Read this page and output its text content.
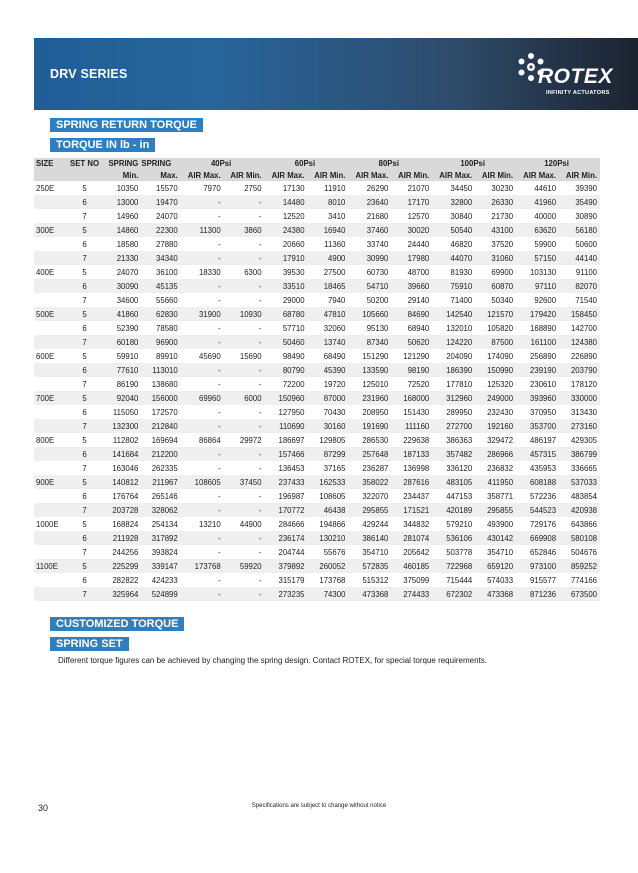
DRV SERIES	ROTEX
INFINITY ACTUATORS
SPRING RETURN TORQUE
TORQUE IN lb - in
SIZE	SET NO	SPRING	SPRING	40Psi		60Psi		80Psi		100Psi		120Psi	
		Min.	Max.	AIR Max.	AIR Min.	AIR Max.	AIR Min.	AIR Max.	AIR Min.	AIR Max.	AIR Min.	AIR Max.	AIR Min.
250E	5	10350	15570	7970	2750	17130	11910	26290	21070	34450	30230	44610	39390
	6	13000	19470	-	-	14480	8010	23640	17170	32800	26330	41960	35490
	7	14960	24070	-	-	12520	3410	21680	12570	30840	21730	40000	30890
300E	5	14860	22300	11300	3860	24380	16940	37460	30020	50540	43100	63620	56180
	6	18580	27880	-	-	20660	11360	33740	24440	46820	37520	59900	50600
	7	21330	34340	-	-	17910	4900	30990	17980	44070	31060	57150	44140
400E	5	24070	36100	18330	6300	39530	27500	60730	48700	81930	69900	103130	91100
	6	30090	45135	-	-	33510	18465	54710	39660	75910	60870	97110	82070
	7	34600	55660	-	-	29000	7940	50200	29140	71400	50340	92600	71540
500E	5	41860	62830	31900	10930	68780	47810	105660	84690	142540	121570	179420	158450
	6	52390	78580	-	-	57710	32060	95130	68940	132010	105820	168890	142700
	7	60180	96900	-	-	50460	13740	87340	50620	124220	87500	161100	124380
600E	5	59910	89910	45690	15690	98490	68490	151290	121290	204090	174090	256890	226890
	6	77610	113010	-	-	80790	45390	133590	98190	186390	150990	239190	203790
	7	86190	138680	-	-	72200	19720	125010	72520	177810	125320	230610	178120
700E	5	92040	156000	69960	6000	150960	87000	231960	168000	312960	249000	393960	330000
	6	115050	172570	-	-	127950	70430	208950	151430	289950	232430	370950	313430
	7	132300	212840	-	-	110690	30160	191690	111160	272700	192160	353700	273160
800E	5	112802	169694	86864	29972	186697	129805	286530	229638	386363	329472	486197	429305
	6	141684	212200	-	-	157466	87299	257648	187133	357482	286966	457315	386799
	7	163046	262335	-	-	136453	37165	236287	136998	336120	236832	435953	336665
900E	5	140812	211967	108605	37450	237433	162533	358022	287616	483105	411950	608188	537033
	6	176764	265146	-	-	196987	108605	322070	234437	447153	358771	572236	483854
	7	203728	328062	-	-	170772	46438	295855	171521	420189	295855	544523	420938
1000E	5	168824	254134	13210	44900	284666	194866	429244	344832	579210	493900	729176	643866
	6	211928	317892	-	-	236174	130210	386140	281074	536106	430142	669908	580108
	7	244256	393824	-	-	204744	55676	354710	205642	503778	354710	652846	504676
1100E	5	225299	339147	173768	59920	379892	260052	572835	460185	722968	659120	973100	859252
	6	282822	424233	-	-	315179	173768	515312	375099	715444	574033	915577	774166
	7	325964	524899	-	-	273235	74300	473368	274433	672302	473368	871236	673500
CUSTOMIZED TORQUE
SPRING SET
Different torque figures can be achieved by changing the spring design. Contact ROTEX, for special torque requirements.
30	Specifications are subject to change without notice
